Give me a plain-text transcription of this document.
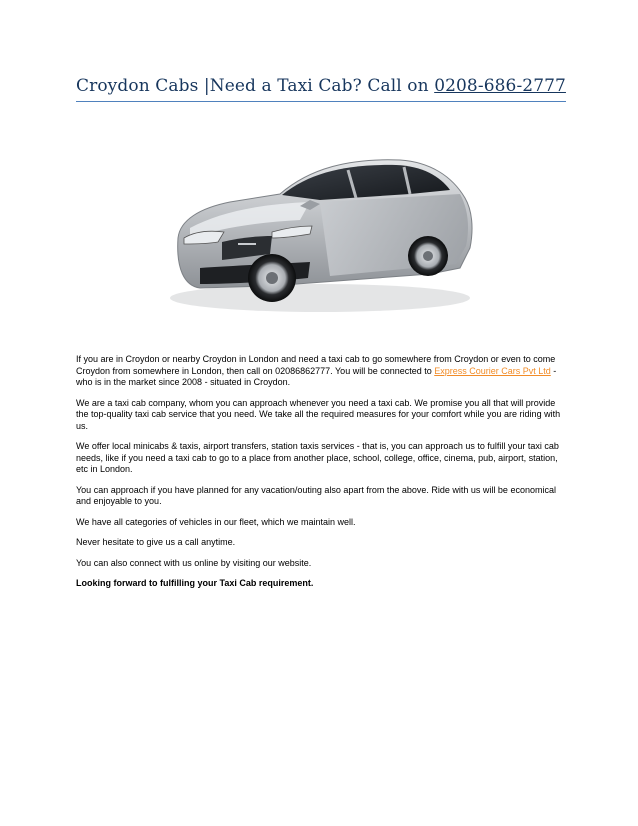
Croydon Cabs |Need a Taxi Cab? Call on 0208-686-2777

If you are in Croydon or nearby Croydon in London and need a taxi cab to go somewhere from Croydon or even to come Croydon from somewhere in London, then call on 02086862777. You will be connected to Express Courier Cars Pvt Ltd - who is in the market since 2008 - situated in Croydon.

We are a taxi cab company, whom you can approach whenever you need a taxi cab. We promise you all that will provide the top-quality taxi cab service that you need. We take all the required measures for your comfort while you are riding with us.

We offer local minicabs & taxis, airport transfers, station taxis services - that is, you can approach us to fulfill your taxi cab needs, like if you need a taxi cab to go to a place from another place, school, college, office, cinema, pub, airport, station, etc in London.

You can approach if you have planned for any vacation/outing also apart from the above. Ride with us will be economical and enjoyable to you.

We have all categories of vehicles in our fleet, which we maintain well.

Never hesitate to give us a call anytime.

You can also connect with us online by visiting our website.

Looking forward to fulfilling your Taxi Cab requirement.
